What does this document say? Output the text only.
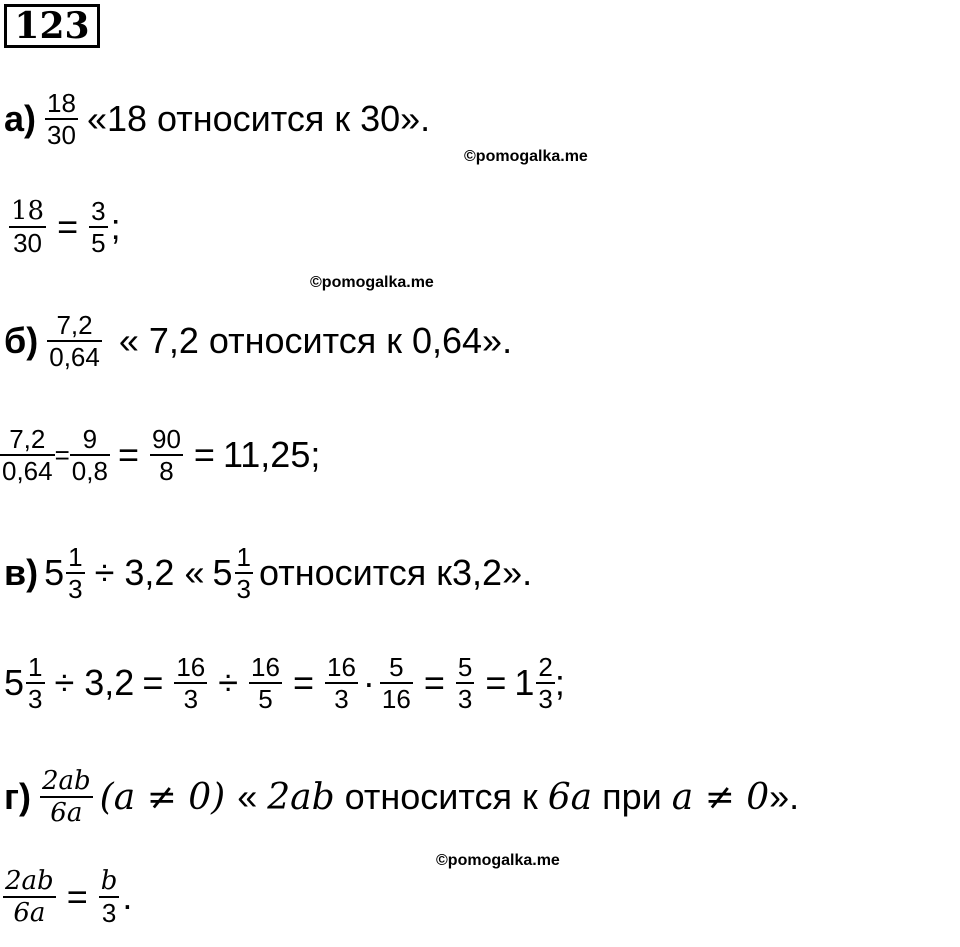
123
$а) \frac{18}{30}$ «18 относится к 30».
©pomogalka.me
$\frac{18}{30} = \frac{3}{5}$ ;
©pomogalka.me
$б) \frac{7,2}{0,64}$ « 7,2 относится к 0,64».
$\frac{7,2}{0,64} = \frac{9}{0,8} = \frac{90}{8} = 11,25$;
в) $5 \frac{1}{3} \div 3,2$ « $5 \frac{1}{3}$ относится к3,2».
$5 \frac{1}{3} \div 3,2 = \frac{16}{3} \div \frac{16}{5} = \frac{16}{3} \cdot \frac{5}{16} = \frac{5}{3} = 1 \frac{2}{3}$ ;
$г) \frac{2ab}{6a} (a \ne 0)$ « 2ab относится к 6a при a ≠ 0 ».
©pomogalka.me
$\frac{2ab}{6a} = \frac{b}{3}$ .
